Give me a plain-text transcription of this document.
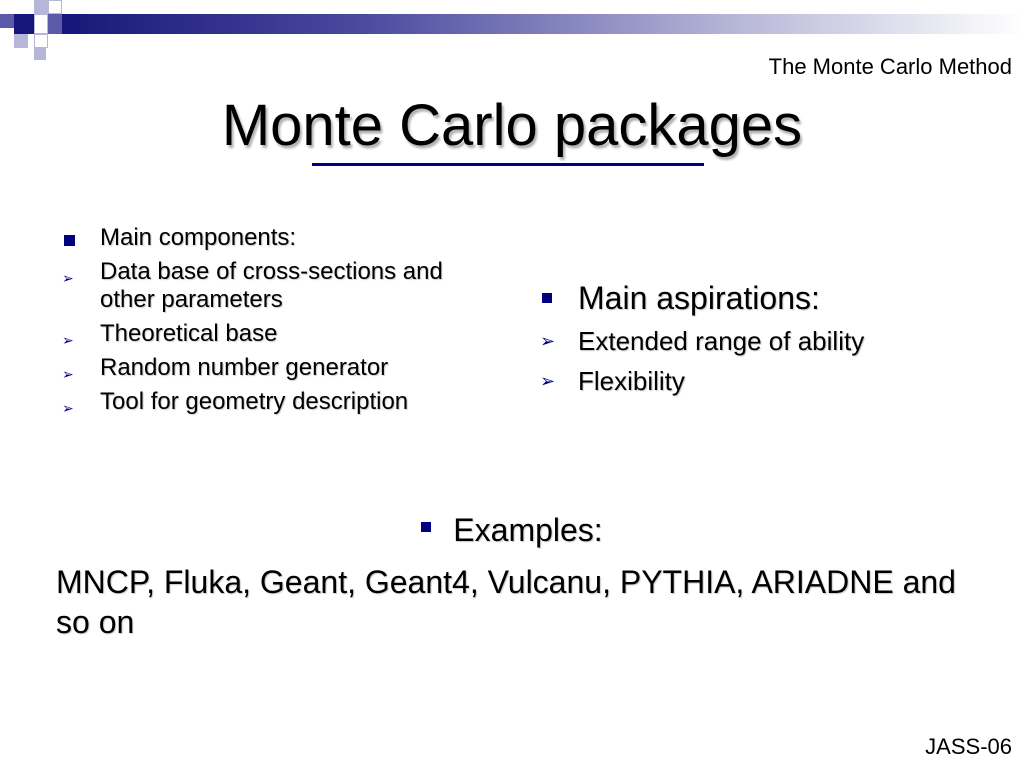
The Monte Carlo Method
Monte Carlo packages
Main components:
➢	Data base of cross-sections and other parameters
➢	Theoretical base
➢	Random number generator
➢	Tool for geometry description
Main aspirations:
➢ Extended range of ability
➢ Flexibility
Examples:
MNCP, Fluka, Geant, Geant4, Vulcanu, PYTHIA, ARIADNE and so on
JASS-06
